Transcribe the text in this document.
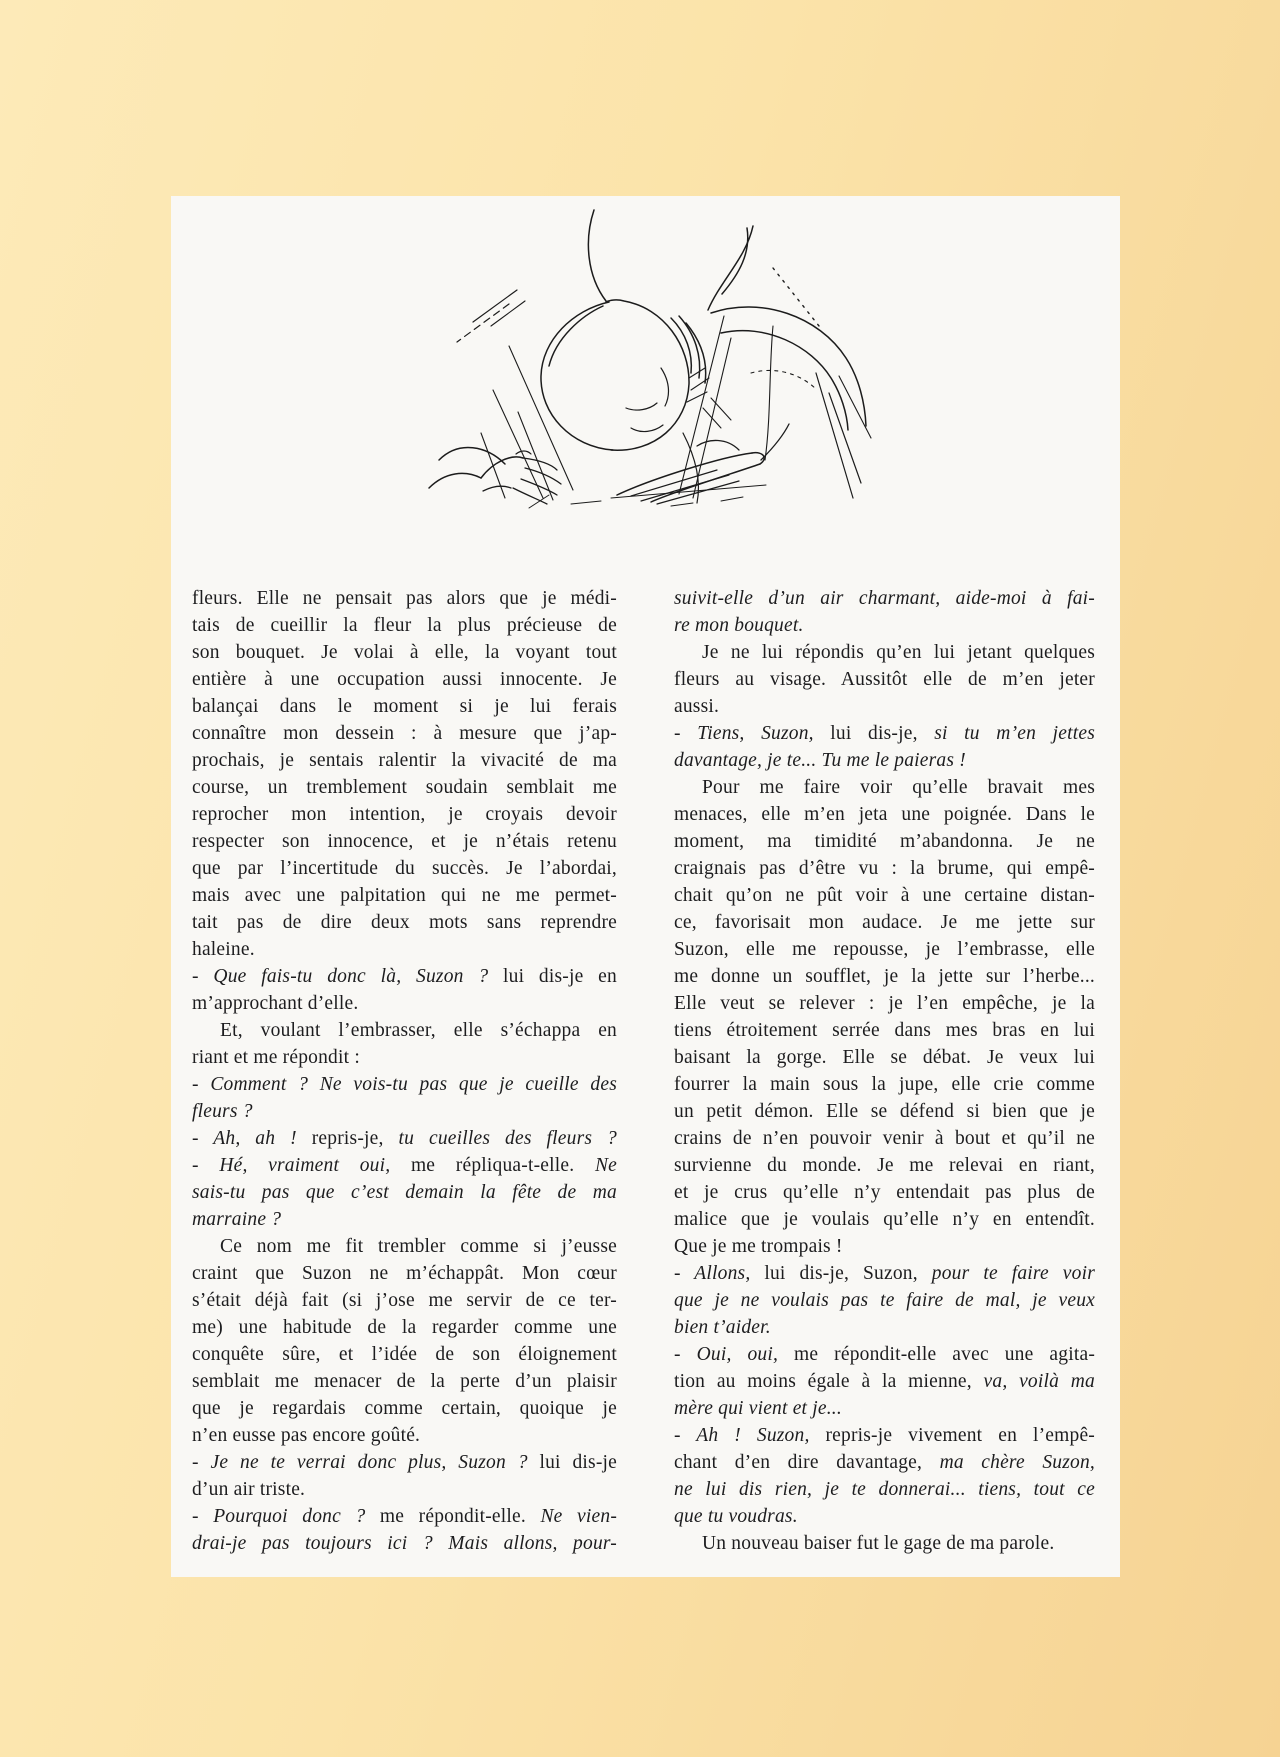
fleurs. Elle ne pensait pas alors que je médi-
tais de cueillir la fleur la plus précieuse de
son bouquet. Je volai à elle, la voyant tout
entière à une occupation aussi innocente. Je
balançai dans le moment si je lui ferais
connaître mon dessein : à mesure que j’ap-
prochais, je sentais ralentir la vivacité de ma
course, un tremblement soudain semblait me
reprocher mon intention, je croyais devoir
respecter son innocence, et je n’étais retenu
que par l’incertitude du succès. Je l’abordai,
mais avec une palpitation qui ne me permet-
tait pas de dire deux mots sans reprendre
haleine.
- Que fais-tu donc là, Suzon ? lui dis-je en
m’approchant d’elle.
Et, voulant l’embrasser, elle s’échappa en
riant et me répondit :
- Comment ? Ne vois-tu pas que je cueille des
fleurs ?
- Ah, ah ! repris-je, tu cueilles des fleurs ?
- Hé, vraiment oui, me répliqua-t-elle. Ne
sais-tu pas que c’est demain la fête de ma
marraine ?
Ce nom me fit trembler comme si j’eusse
craint que Suzon ne m’échappât. Mon cœur
s’était déjà fait (si j’ose me servir de ce ter-
me) une habitude de la regarder comme une
conquête sûre, et l’idée de son éloignement
semblait me menacer de la perte d’un plaisir
que je regardais comme certain, quoique je
n’en eusse pas encore goûté.
- Je ne te verrai donc plus, Suzon ? lui dis-je
d’un air triste.
- Pourquoi donc ? me répondit-elle. Ne vien-
drai-je pas toujours ici ? Mais allons, pour-
suivit-elle d’un air charmant, aide-moi à fai-
re mon bouquet.
Je ne lui répondis qu’en lui jetant quelques
fleurs au visage. Aussitôt elle de m’en jeter
aussi.
- Tiens, Suzon, lui dis-je, si tu m’en jettes
davantage, je te... Tu me le paieras !
Pour me faire voir qu’elle bravait mes
menaces, elle m’en jeta une poignée. Dans le
moment, ma timidité m’abandonna. Je ne
craignais pas d’être vu : la brume, qui empê-
chait qu’on ne pût voir à une certaine distan-
ce, favorisait mon audace. Je me jette sur
Suzon, elle me repousse, je l’embrasse, elle
me donne un soufflet, je la jette sur l’herbe...
Elle veut se relever : je l’en empêche, je la
tiens étroitement serrée dans mes bras en lui
baisant la gorge. Elle se débat. Je veux lui
fourrer la main sous la jupe, elle crie comme
un petit démon. Elle se défend si bien que je
crains de n’en pouvoir venir à bout et qu’il ne
survienne du monde. Je me relevai en riant,
et je crus qu’elle n’y entendait pas plus de
malice que je voulais qu’elle n’y en entendît.
Que je me trompais !
- Allons, lui dis-je, Suzon, pour te faire voir
que je ne voulais pas te faire de mal, je veux
bien t’aider.
- Oui, oui, me répondit-elle avec une agita-
tion au moins égale à la mienne, va, voilà ma
mère qui vient et je...
- Ah ! Suzon, repris-je vivement en l’empê-
chant d’en dire davantage, ma chère Suzon,
ne lui dis rien, je te donnerai... tiens, tout ce
que tu voudras.
Un nouveau baiser fut le gage de ma parole.
